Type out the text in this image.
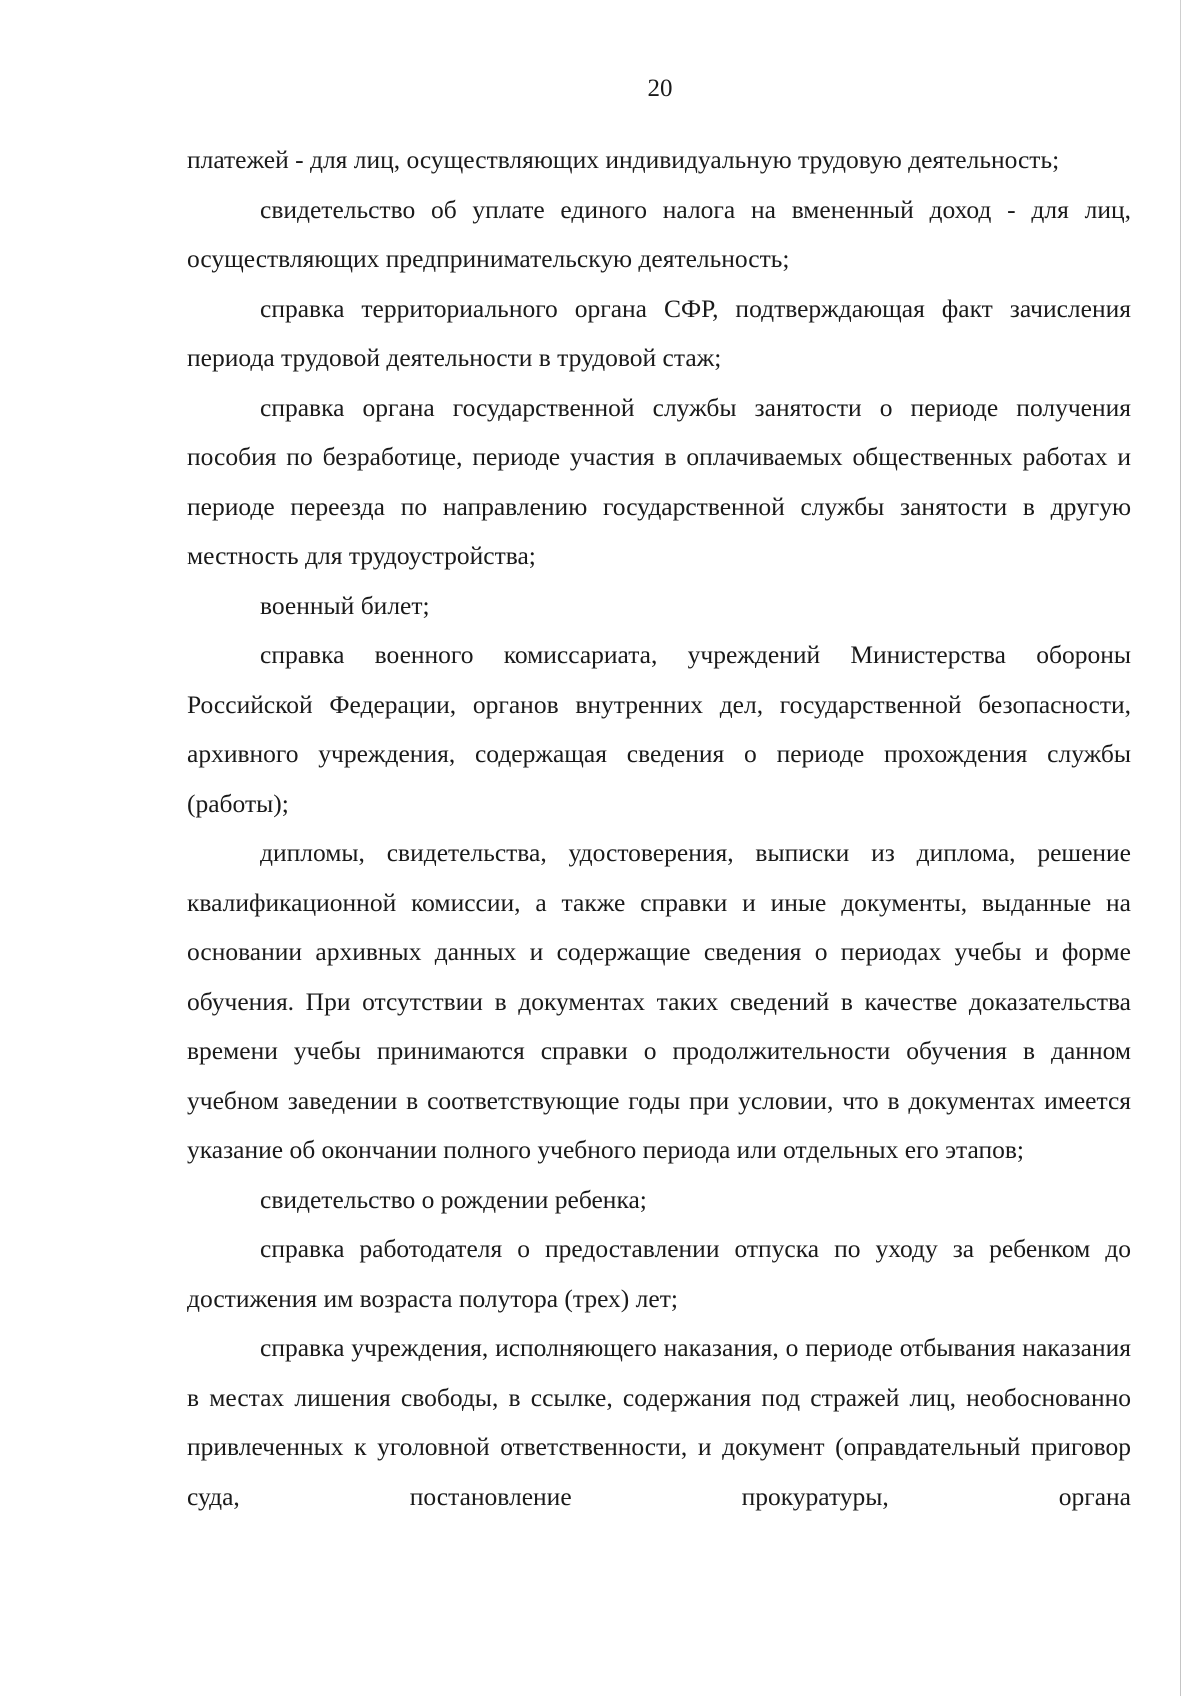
20

платежей - для лиц, осуществляющих индивидуальную трудовую деятельность;

свидетельство об уплате единого налога на вмененный доход - для лиц, осуществляющих предпринимательскую деятельность;

справка территориального органа СФР, подтверждающая факт зачисления периода трудовой деятельности в трудовой стаж;

справка органа государственной службы занятости о периоде получения пособия по безработице, периоде участия в оплачиваемых общественных работах и периоде переезда по направлению государственной службы занятости в другую местность для трудоустройства;

военный билет;

справка военного комиссариата, учреждений Министерства обороны Российской Федерации, органов внутренних дел, государственной безопасности, архивного учреждения, содержащая сведения о периоде прохождения службы (работы);

дипломы, свидетельства, удостоверения, выписки из диплома, решение квалификационной комиссии, а также справки и иные документы, выданные на основании архивных данных и содержащие сведения о периодах учебы и форме обучения. При отсутствии в документах таких сведений в качестве доказательства времени учебы принимаются справки о продолжительности обучения в данном учебном заведении в соответствующие годы при условии, что в документах имеется указание об окончании полного учебного периода или отдельных его этапов;

свидетельство о рождении ребенка;

справка работодателя о предоставлении отпуска по уходу за ребенком до достижения им возраста полутора (трех) лет;

справка учреждения, исполняющего наказания, о периоде отбывания наказания в местах лишения свободы, в ссылке, содержания под стражей лиц, необоснованно привлеченных к уголовной ответственности, и документ (оправдательный приговор суда, постановление прокуратуры, органа
